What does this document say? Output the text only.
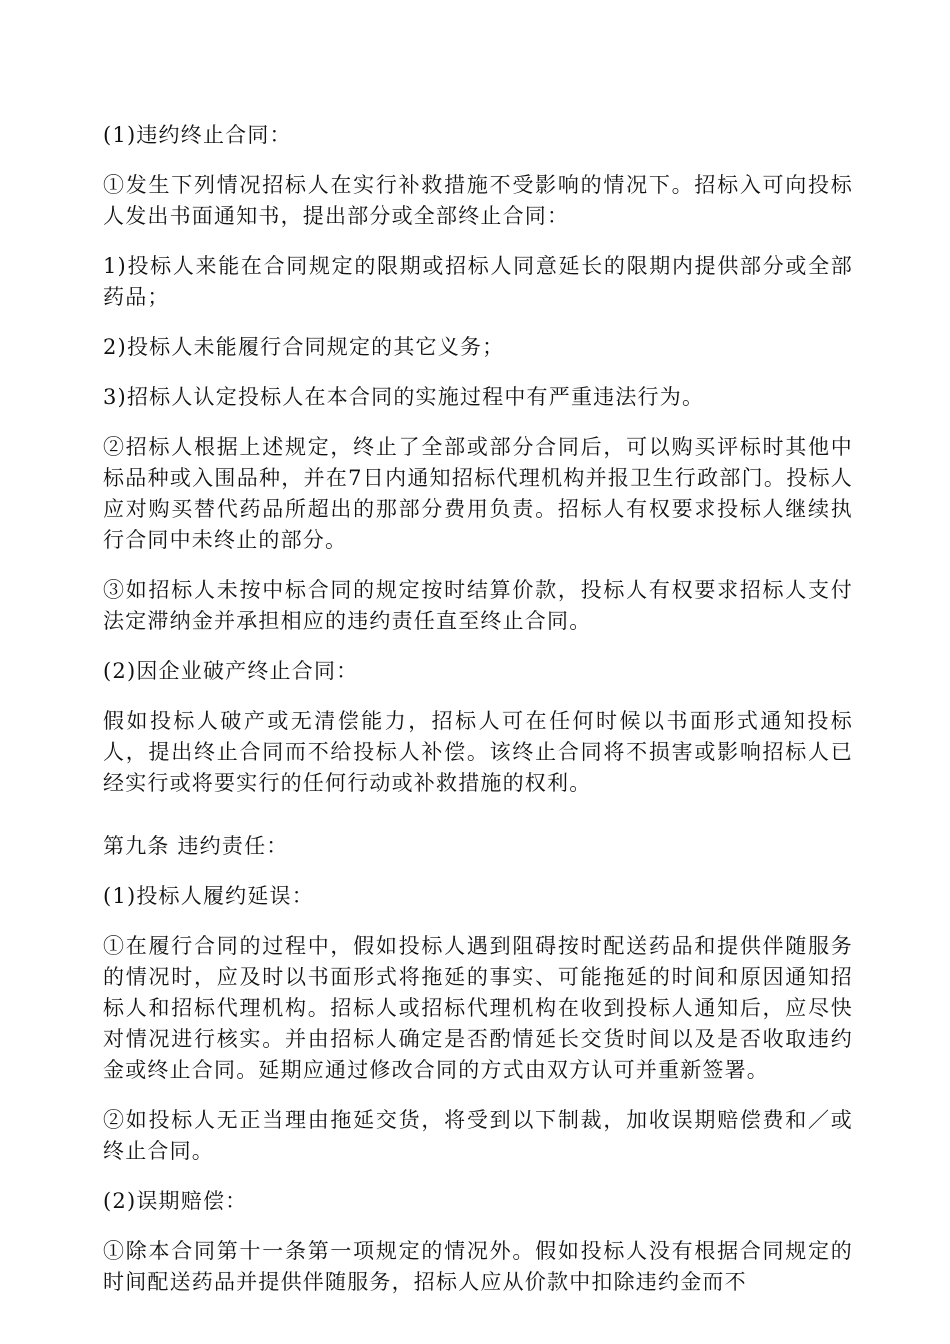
(1)违约终止合同：

①发生下列情况招标人在实行补救措施不受影响的情况下。招标入可向投标人发出书面通知书，提出部分或全部终止合同：

1)投标人来能在合同规定的限期或招标人同意延长的限期内提供部分或全部药品；

2)投标人未能履行合同规定的其它义务；

3)招标人认定投标人在本合同的实施过程中有严重违法行为。

②招标人根据上述规定，终止了全部或部分合同后，可以购买评标时其他中标品种或入围品种，并在7日内通知招标代理机构并报卫生行政部门。投标人应对购买替代药品所超出的那部分费用负责。招标人有权要求投标人继续执行合同中未终止的部分。

③如招标人未按中标合同的规定按时结算价款，投标人有权要求招标人支付法定滞纳金并承担相应的违约责任直至终止合同。

(2)因企业破产终止合同：

假如投标人破产或无清偿能力，招标人可在任何时候以书面形式通知投标人，提出终止合同而不给投标人补偿。该终止合同将不损害或影响招标人已经实行或将要实行的任何行动或补救措施的权利。

第九条 违约责任：

(1)投标人履约延误：

①在履行合同的过程中，假如投标人遇到阻碍按时配送药品和提供伴随服务的情况时，应及时以书面形式将拖延的事实、可能拖延的时间和原因通知招标人和招标代理机构。招标人或招标代理机构在收到投标人通知后，应尽快对情况进行核实。并由招标人确定是否酌情延长交货时间以及是否收取违约金或终止合同。延期应通过修改合同的方式由双方认可并重新签署。

②如投标人无正当理由拖延交货，将受到以下制裁，加收误期赔偿费和／或终止合同。

(2)误期赔偿：

①除本合同第十一条第一项规定的情况外。假如投标人没有根据合同规定的时间配送药品并提供伴随服务，招标人应从价款中扣除违约金而不
